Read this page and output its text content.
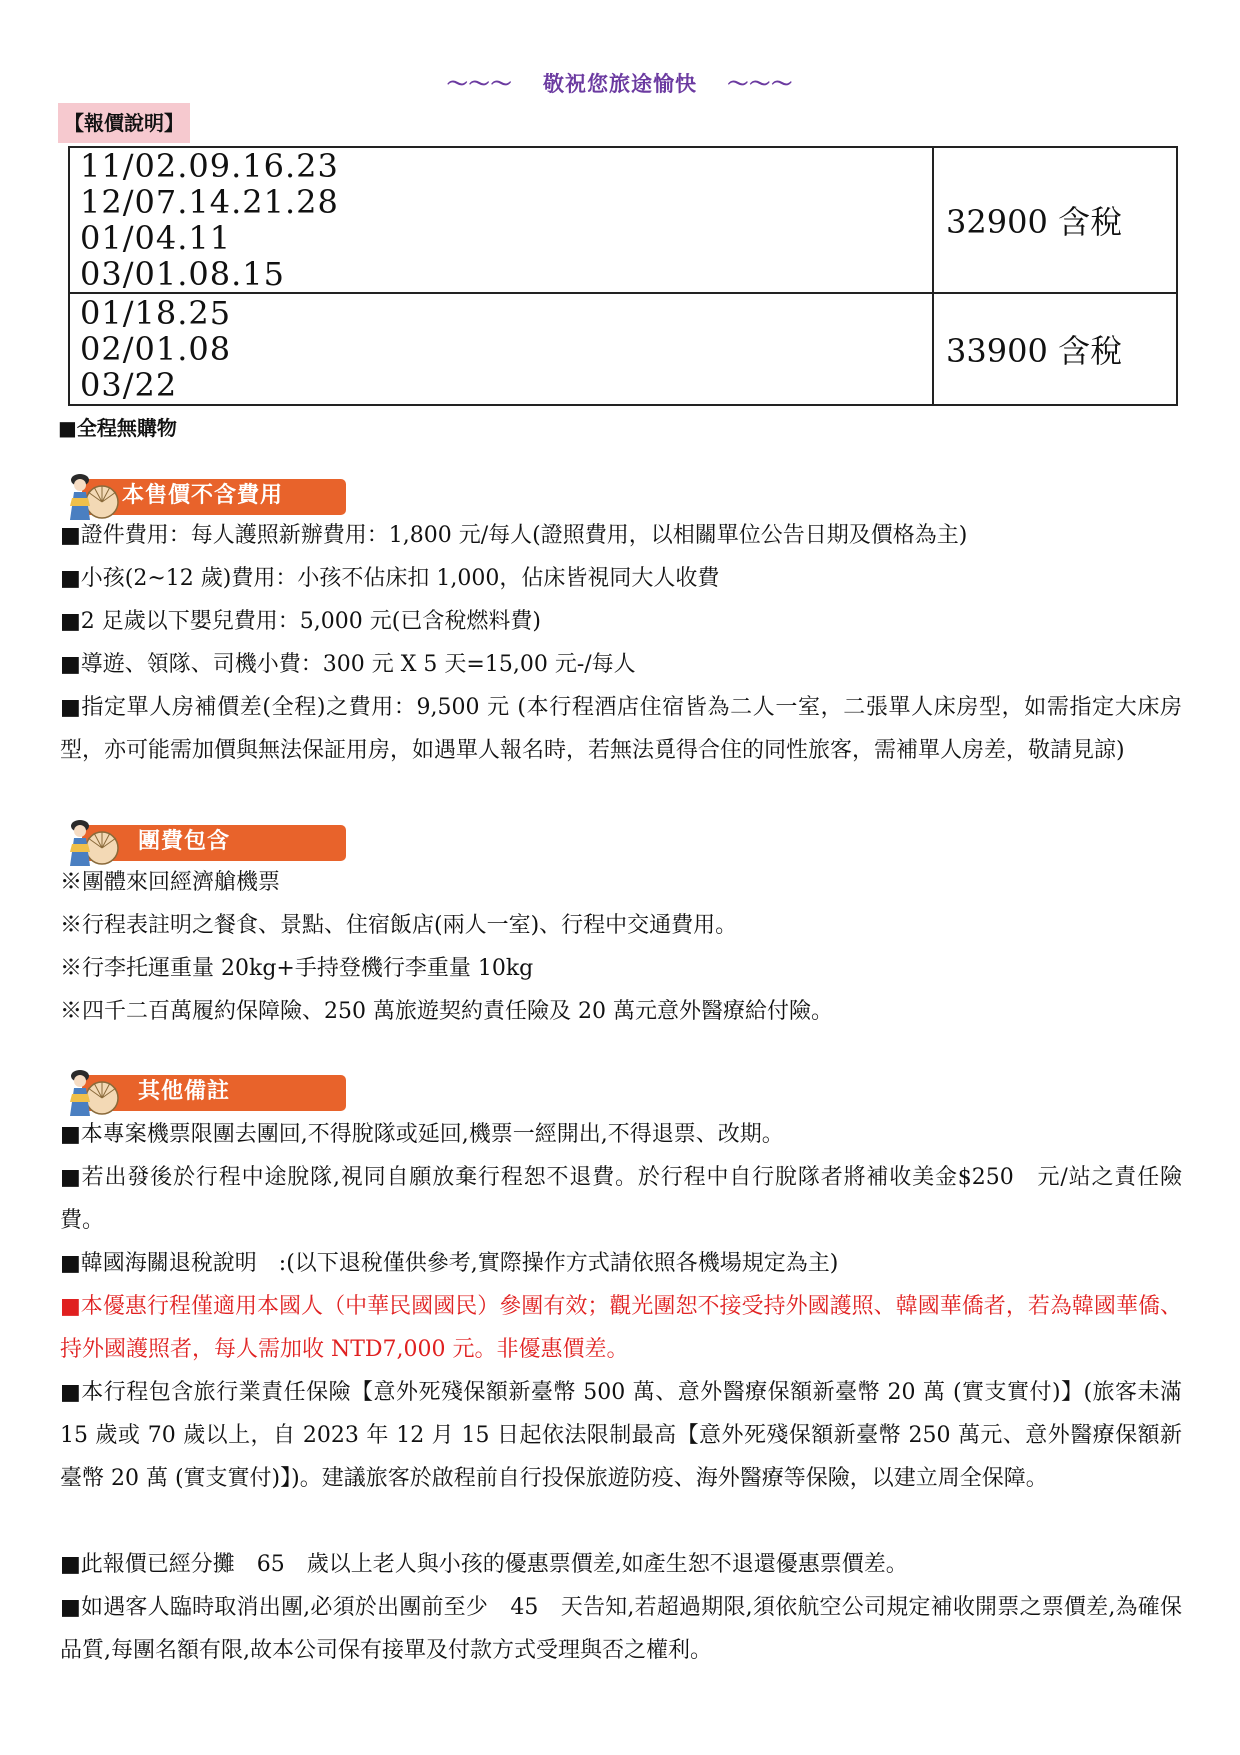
～～～ 敬祝您旅途愉快 ～～～
【報價說明】
11/02.09.16.23
12/07.14.21.28
01/04.11
03/01.08.15	32900 含稅

01/18.25
02/01.08
03/22	33900 含稅
■全程無購物
本售價不含費用
■證件費用：每人護照新辦費用：1,800 元/每人(證照費用，以相關單位公告日期及價格為主)
■小孩(2~12 歲)費用：小孩不佔床扣 1,000，佔床皆視同大人收費
■2 足歲以下嬰兒費用：5,000 元(已含稅燃料費)
■導遊、領隊、司機小費：300 元 X 5 天=15,00 元-/每人
■指定單人房補價差(全程)之費用：9,500 元 (本行程酒店住宿皆為二人一室，二張單人床房型，如需指定大床房型，亦可能需加價與無法保証用房，如遇單人報名時，若無法覓得合住的同性旅客，需補單人房差，敬請見諒)
團費包含
※團體來回經濟艙機票
※行程表註明之餐食、景點、住宿飯店(兩人一室)、行程中交通費用。
※行李托運重量 20kg+手持登機行李重量 10kg
※四千二百萬履約保障險、250 萬旅遊契約責任險及 20 萬元意外醫療給付險。
其他備註
■本專案機票限團去團回,不得脫隊或延回,機票一經開出,不得退票、改期。
■若出發後於行程中途脫隊,視同自願放棄行程恕不退費。於行程中自行脫隊者將補收美金$250　元/站之責任險費。
■韓國海關退稅說明　:(以下退稅僅供參考,實際操作方式請依照各機場規定為主)
■本優惠行程僅適用本國人（中華民國國民）參團有效；觀光團恕不接受持外國護照、韓國華僑者，若為韓國華僑、持外國護照者，每人需加收 NTD7,000 元。非優惠價差。
■本行程包含旅行業責任保險【意外死殘保額新臺幣 500 萬、意外醫療保額新臺幣 20 萬 (實支實付)】(旅客未滿 15 歲或 70 歲以上，自 2023 年 12 月 15 日起依法限制最高【意外死殘保額新臺幣 250 萬元、意外醫療保額新臺幣 20 萬 (實支實付)】)。建議旅客於啟程前自行投保旅遊防疫、海外醫療等保險，以建立周全保障。
■此報價已經分攤　65　歲以上老人與小孩的優惠票價差,如產生恕不退還優惠票價差。
■如遇客人臨時取消出團,必須於出團前至少　45　天告知,若超過期限,須依航空公司規定補收開票之票價差,為確保品質,每團名額有限,故本公司保有接單及付款方式受理與否之權利。
